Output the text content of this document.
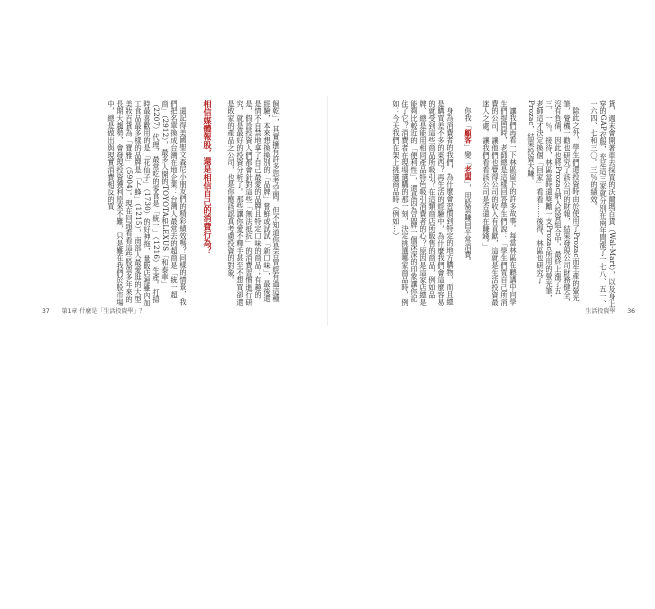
飼乾」，其實擁有許多思考空間。但不知道你是否曾經有過這種經驗，本來想換換別的「品牌」嘗鮮或試試「新口味」，最後還是情不自禁地拿了自己最愛的品牌且特定口味的商品；有趣的是，假設投資人們都會針對這些「無法抵抗」的消費習慣進行研究，就是最好的投資分析了。那些讓你愛不釋手甚至不想買卻還是敗家的產品之公司，也是你應該認真考慮投資的對象。

相信媒體報股，還是相信自己的消費行為？

還記得美國聖文森尼小朋友們的精彩績效嗎？同樣的情景，我們把名單換成台灣在地企業：台灣人最常去的超商是「統一超商」（2912），最多人開的TOYOTA和LEXUS「和泰車」（2207）代理，最常吃的零食是「統一」（1216）生產。打掃時最喜歡用的是「花仙子」（1730）的好神拖，量販店裡雖內加工食品最多樣的品牌是「卜蜂」（1215），南部人最愛逛的大型美妝百貨為「寶雅」（5904）。現在回頭看看這些股票多年來的長期大趨勢，會發現投資獲利原來不難，只是難在我們於股市場中，總是做出與現實消費相反的買

37 第1章 什麼是「生活投資學」？

貨，週末會開著車去採買的沃爾瑪百貨（Wal-Mart），以及身上穿的GAP衣服，充足這三家就分別在兩年間漲了一七八、五一、一六四、七和三〇。三％的績效。

除此之外，學生們還投資時由於使用了Prozac而生產的螢光筆，覺機一勸也研究了該公司的財報，結果發現公司財務健全，沒有負債，因此也將Prozac納入投資組合中，最終上漲了五三．一％。接待，林區當時還獎勵一支Prozac所用的螢光筆，老師這才決定換個「回家」看看……後得，林區也研究了Prozac，結果投資大賺。

讓我們再看一下林區留下的許多故事。每當林區在聽講中向學生們提問時，老師總是這樣回答學生們說：「學生們買自己所消費的公司，讓他們也覺得公司的收入有貢獻，這就是生活投資最迷人之處。讓我們看看該公司是否還在賺錢。」

你我「顧客」變「老闆」，用股票賺回平常消費。

身為消費者的我們，為什麼會習慣到特定的地方購物，而且總是購買差不多的東西？再生活的經驗中，為什麼我們會這麼容易的就受到這些商品所吸引？在這類商店所販售的商品，例如品牌、總是能用相同產品特色吸引消費者的心？原因是這家店總是能夠比較近的「便利性」，還是因為品牌一個深深的印象讓你記住了它？消費者在現場選購的那一刻，決定挑選哪家商品時，例如：今天我們在架上挑選商品時（例如...）

生活投資學 36
